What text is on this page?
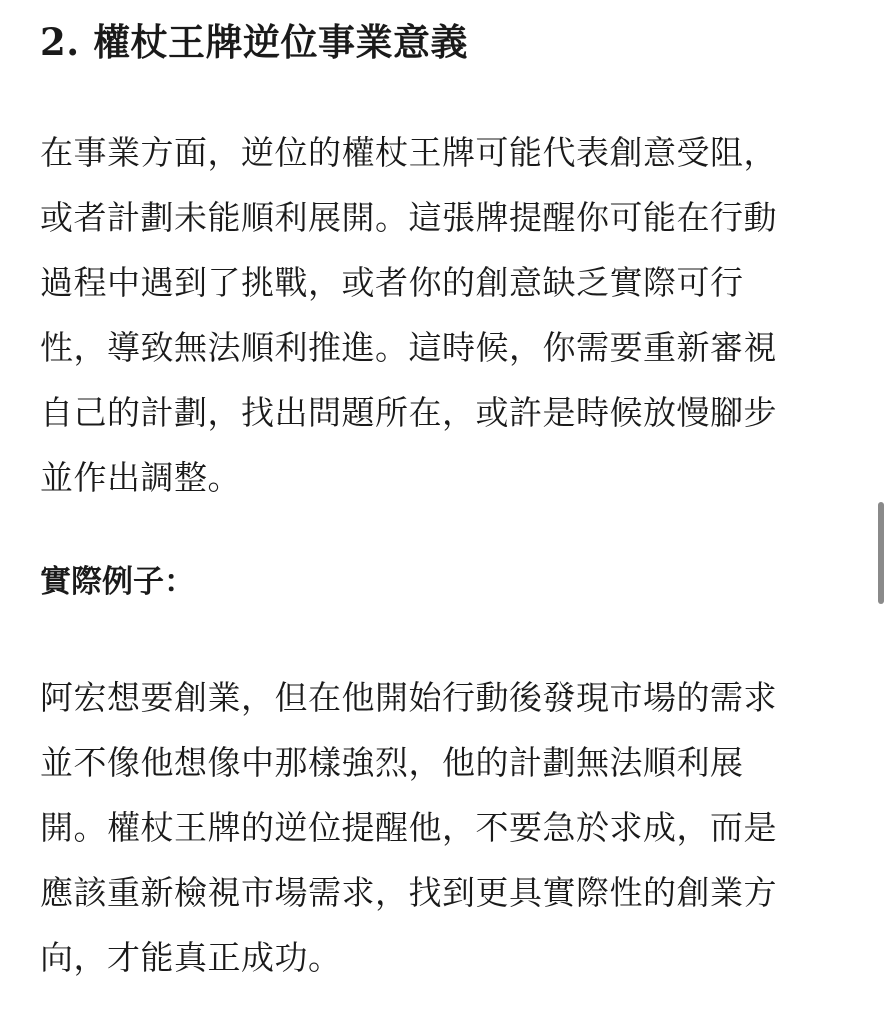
2. 權杖王牌逆位事業意義

在事業方面，逆位的權杖王牌可能代表創意受阻，
或者計劃未能順利展開。這張牌提醒你可能在行動
過程中遇到了挑戰，或者你的創意缺乏實際可行
性，導致無法順利推進。這時候，你需要重新審視
自己的計劃，找出問題所在，或許是時候放慢腳步
並作出調整。

實際例子：

阿宏想要創業，但在他開始行動後發現市場的需求
並不像他想像中那樣強烈，他的計劃無法順利展
開。權杖王牌的逆位提醒他，不要急於求成，而是
應該重新檢視市場需求，找到更具實際性的創業方
向，才能真正成功。
